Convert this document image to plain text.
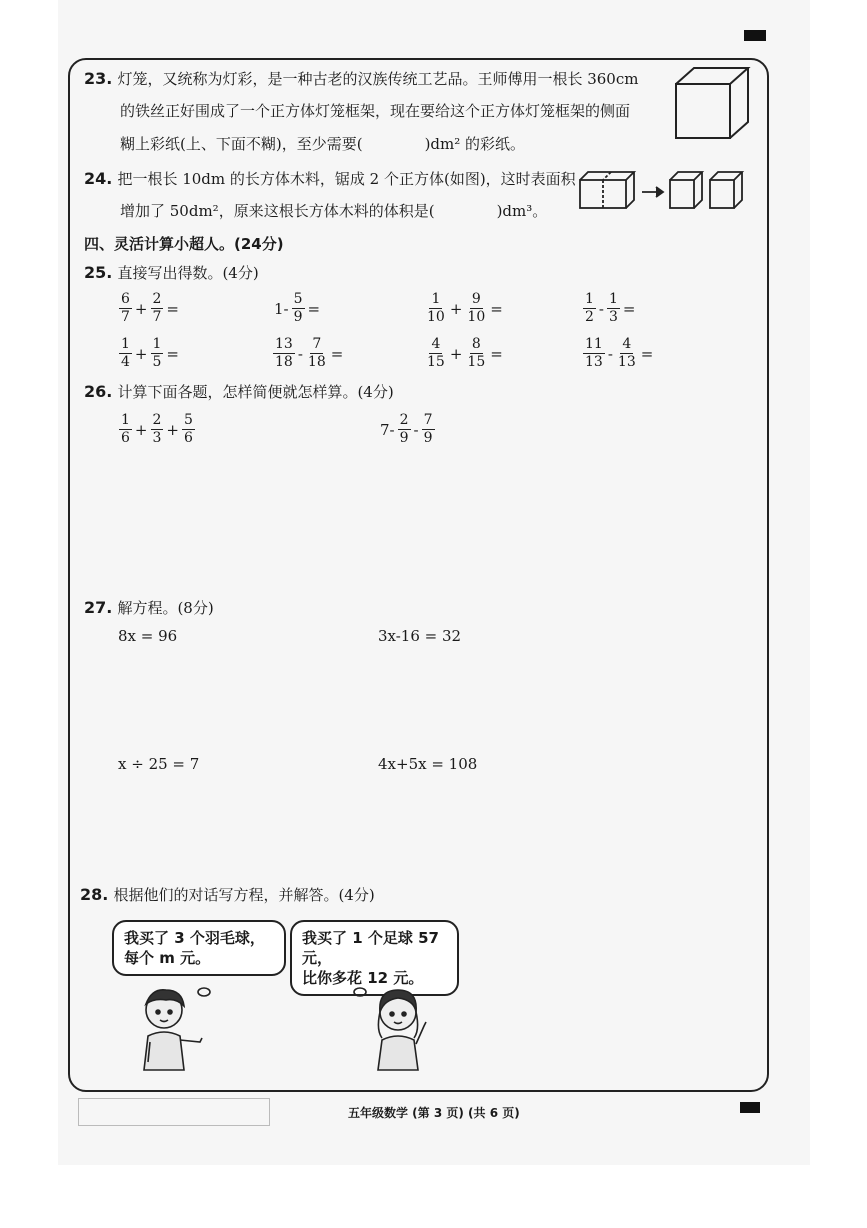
23. 灯笼，又统称为灯彩，是一种古老的汉族传统工艺品。王师傅用一根长 360cm
的铁丝正好围成了一个正方体灯笼框架，现在要给这个正方体灯笼框架的侧面
糊上彩纸(上、下面不糊)，至少需要(	)dm² 的彩纸。
24. 把一根长 10dm 的长方体木料，锯成 2 个正方体(如图)，这时表面积
增加了 50dm²，原来这根长方体木料的体积是(	)dm³。
四、灵活计算小超人。(24分)
25. 直接写出得数。(4分)
$\frac{6}{7} + \frac{2}{7}$ =	$1- \frac{5}{9}$ =	$\frac{1}{10} + \frac{9}{10}$ =	$\frac{1}{2} - \frac{1}{3}$ =
$\frac{1}{4} + \frac{1}{5}$ =	$\frac{13}{18} - \frac{7}{18}$ =	$\frac{4}{15} + \frac{8}{15}$ =	$\frac{11}{13} - \frac{4}{13}$ =
26. 计算下面各题，怎样简便就怎样算。(4分)
$\frac{1}{6} + \frac{2}{3} + \frac{5}{6}$	$7- \frac{2}{9} - \frac{7}{9}$
27. 解方程。(8分)
8x = 96	3x-16 = 32
x ÷ 25 = 7	4x+5x = 108
28. 根据他们的对话写方程，并解答。(4分)
我买了 3 个羽毛球，
每个 m 元。
我买了 1 个足球 57 元，
比你多花 12 元。
五年级数学 (第 3 页) (共 6 页)
